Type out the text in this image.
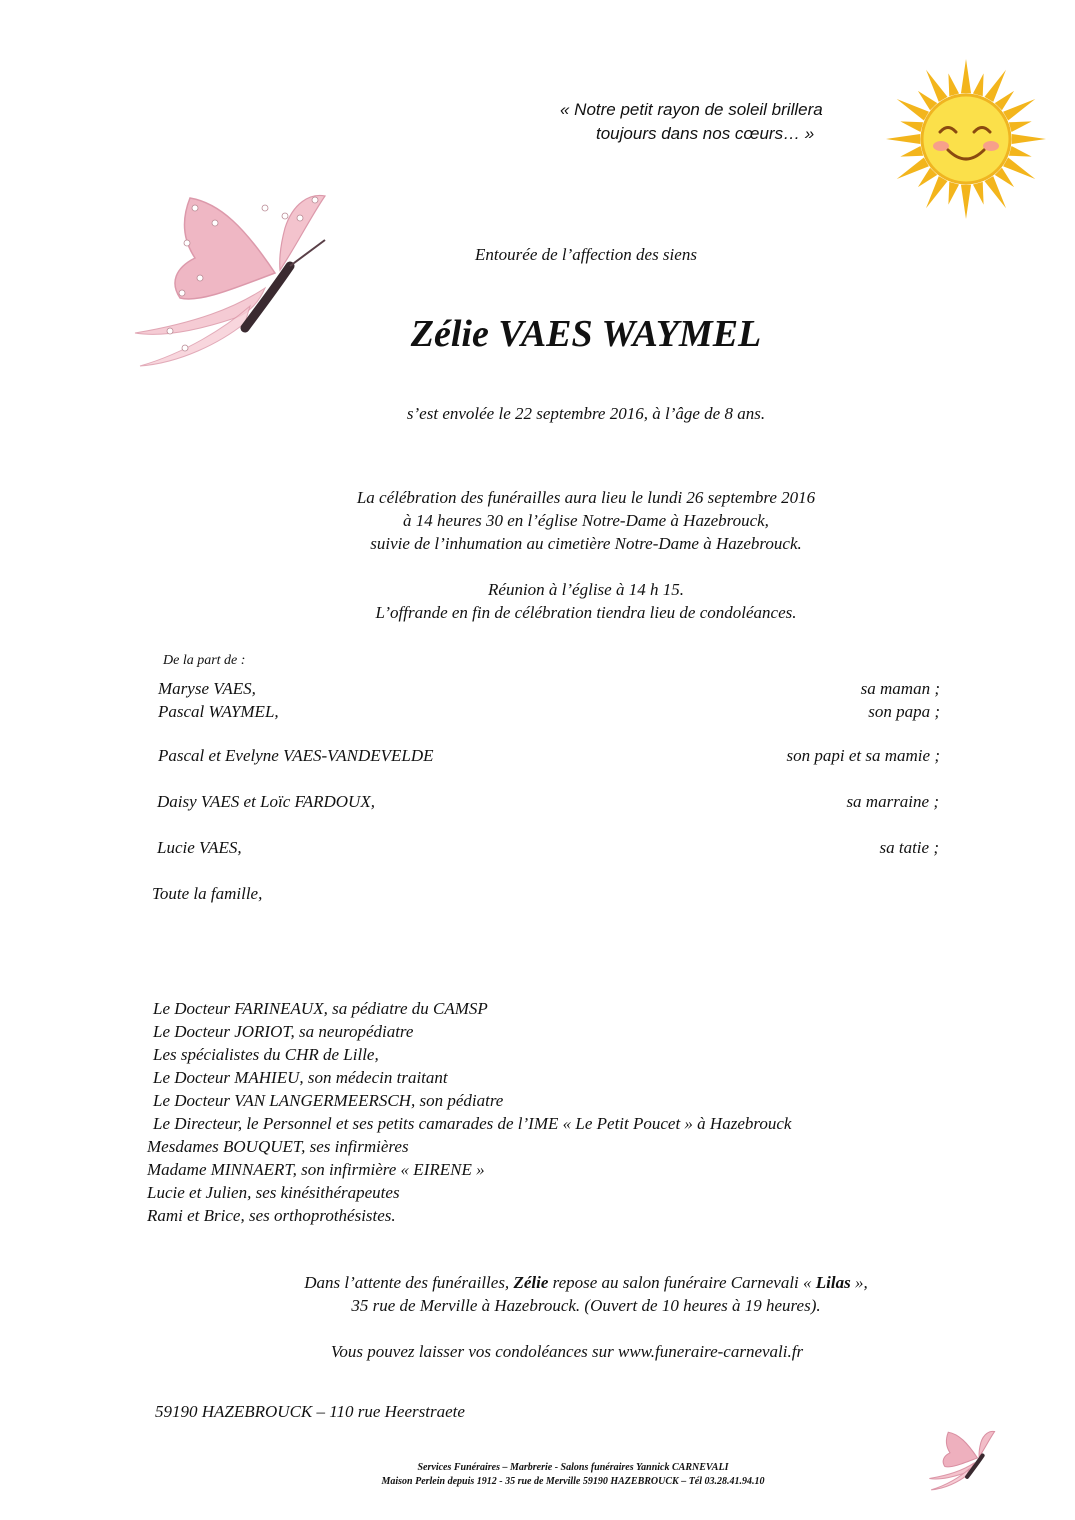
« Notre petit rayon de soleil brillera
toujours dans nos cœurs… »
Entourée de l’affection des siens
Zélie VAES WAYMEL
s’est envolée le 22 septembre 2016, à l’âge de 8 ans.
La célébration des funérailles aura lieu le lundi 26 septembre 2016
à 14 heures 30 en l’église Notre-Dame à Hazebrouck,
suivie de l’inhumation au cimetière Notre-Dame à Hazebrouck.
Réunion à l’église à 14 h 15.
L’offrande en fin de célébration tiendra lieu de condoléances.
De la part de :
Maryse VAES,	sa maman ;
Pascal WAYMEL,	son papa ;
Pascal et Evelyne VAES-VANDEVELDE	son papi et sa mamie ;
Daisy VAES et Loïc FARDOUX,	sa marraine ;
Lucie VAES,	sa tatie ;
Toute la famille,
Le Docteur FARINEAUX, sa pédiatre du CAMSP
Le Docteur JORIOT, sa neuropédiatre
Les spécialistes du CHR de Lille,
Le Docteur MAHIEU, son médecin traitant
Le Docteur VAN LANGERMEERSCH, son pédiatre
Le Directeur, le Personnel et ses petits camarades de l’IME « Le Petit Poucet » à Hazebrouck
Mesdames BOUQUET, ses infirmières
Madame MINNAERT, son infirmière « EIRENE »
Lucie et Julien, ses kinésithérapeutes
Rami et Brice, ses orthoprothésistes.
Dans l’attente des funérailles, Zélie repose au salon funéraire Carnevali « Lilas »,
35 rue de Merville à Hazebrouck. (Ouvert de 10 heures à 19 heures).
Vous pouvez laisser vos condoléances sur www.funeraire-carnevali.fr
59190 HAZEBROUCK – 110 rue Heerstraete
Services Funéraires – Marbrerie - Salons funéraires Yannick CARNEVALI
Maison Perlein depuis 1912 - 35 rue de Merville 59190 HAZEBROUCK – Tél 03.28.41.94.10
